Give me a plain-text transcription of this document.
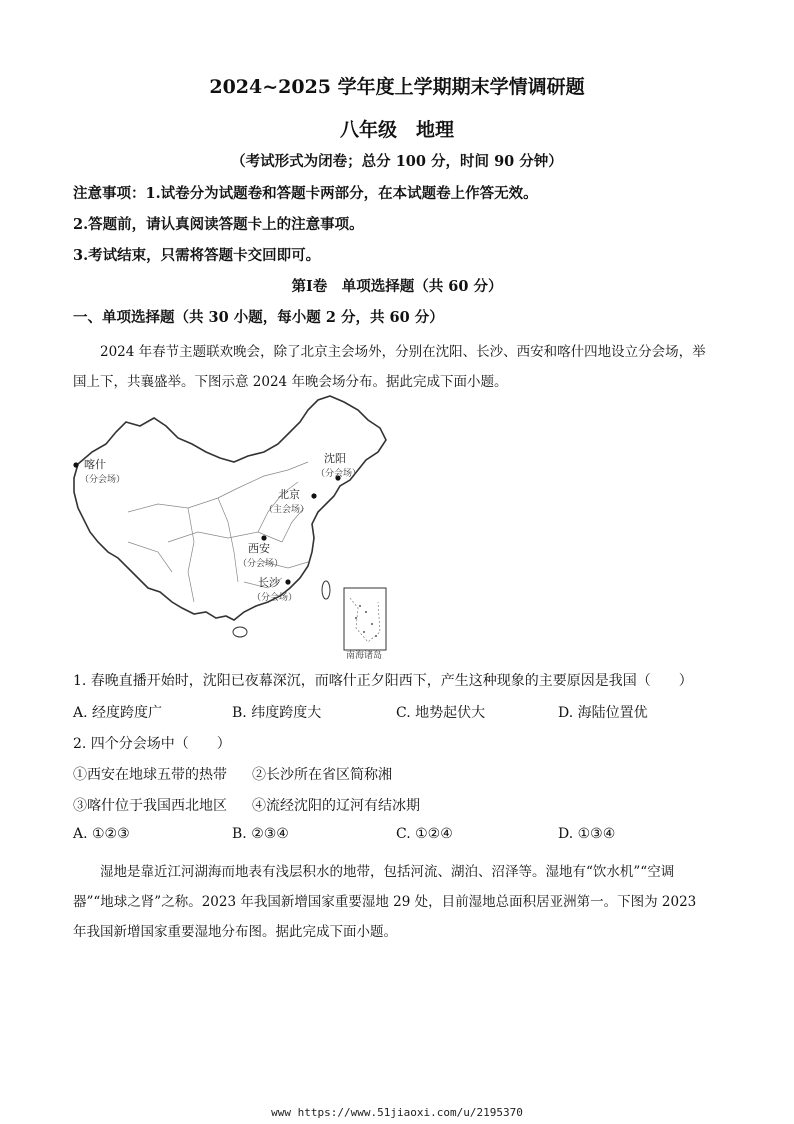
2024~2025 学年度上学期期末学情调研题
八年级　地理
（考试形式为闭卷；总分 100 分，时间 90 分钟）
注意事项：1.试卷分为试题卷和答题卡两部分，在本试题卷上作答无效。
2.答题前，请认真阅读答题卡上的注意事项。
3.考试结束，只需将答题卡交回即可。
第Ⅰ卷　单项选择题（共 60 分）
一、单项选择题（共 30 小题，每小题 2 分，共 60 分）
2024 年春节主题联欢晚会，除了北京主会场外，分别在沈阳、长沙、西安和喀什四地设立分会场，举
国上下，共襄盛举。下图示意 2024 年晚会场分布。据此完成下面小题。
南海诸岛
喀什
（分会场）
沈阳
（分会场）
北京
（主会场）
西安
（分会场）
长沙
（分会场）
1. 春晚直播开始时，沈阳已夜幕深沉，而喀什正夕阳西下，产生这种现象的主要原因是我国（　　）
A. 经度跨度广	B. 纬度跨度大	C. 地势起伏大	D. 海陆位置优
2. 四个分会场中（　　）
①西安在地球五带的热带 ②长沙所在省区简称湘
③喀什位于我国西北地区 ④流经沈阳的辽河有结冰期
A. ①②③	B. ②③④	C. ①②④	D. ①③④
湿地是靠近江河湖海而地表有浅层积水的地带，包括河流、湖泊、沼泽等。湿地有“饮水机”“空调
器”“地球之肾”之称。2023 年我国新增国家重要湿地 29 处，目前湿地总面积居亚洲第一。下图为 2023
年我国新增国家重要湿地分布图。据此完成下面小题。
www https://www.51jiaoxi.com/u/2195370
